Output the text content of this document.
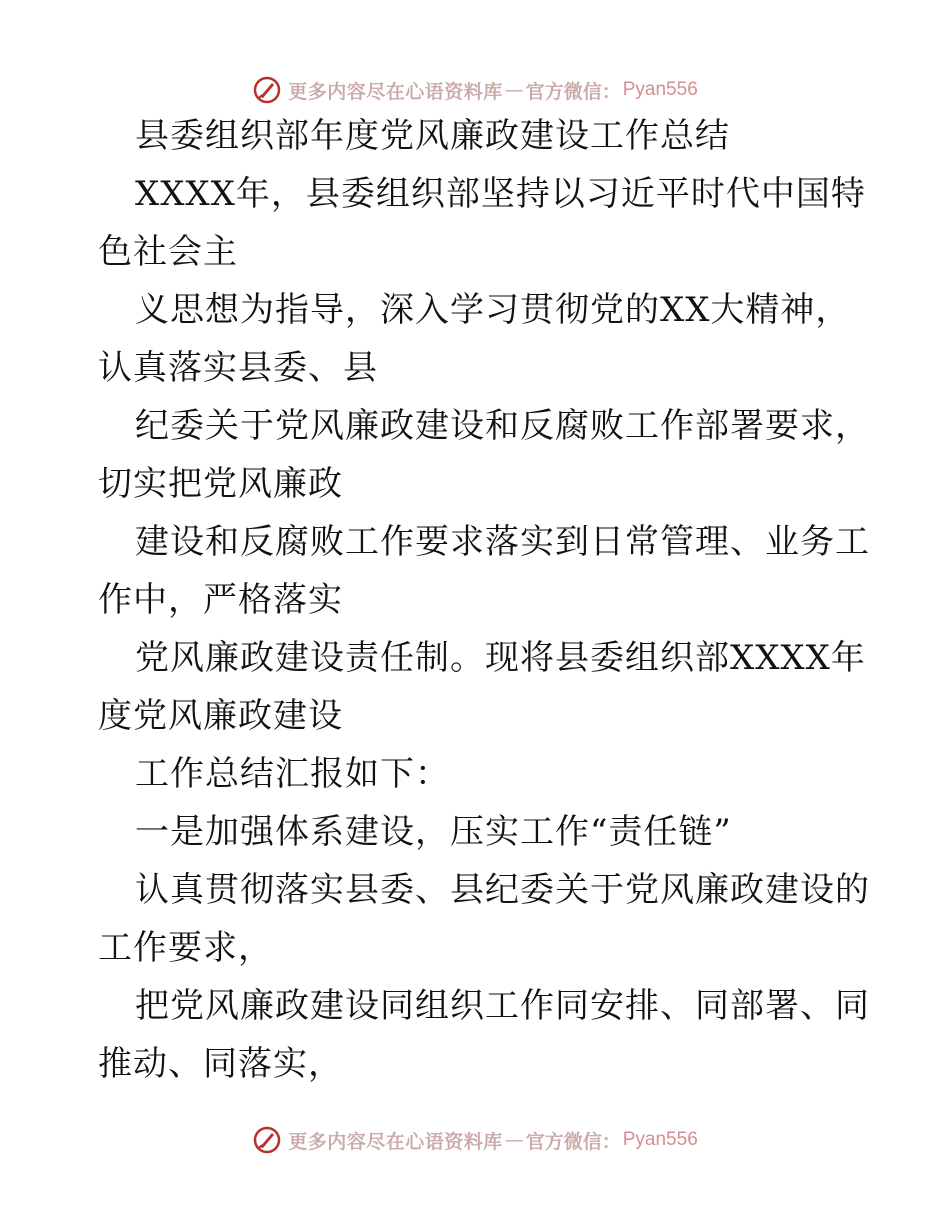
更多内容尽在心语资料库 — 官方微信： Pyan556
县委组织部年度党风廉政建设工作总结
XXXX年，县委组织部坚持以习近平时代中国特
色社会主
义思想为指导，深入学习贯彻党的XX大精神，
认真落实县委、县
纪委关于党风廉政建设和反腐败工作部署要求，
切实把党风廉政
建设和反腐败工作要求落实到日常管理、业务工
作中，严格落实
党风廉政建设责任制。现将县委组织部XXXX年
度党风廉政建设
工作总结汇报如下：
一是加强体系建设，压实工作“责任链”
认真贯彻落实县委、县纪委关于党风廉政建设的
工作要求，
把党风廉政建设同组织工作同安排、同部署、同
推动、同落实，
更多内容尽在心语资料库 — 官方微信： Pyan556
